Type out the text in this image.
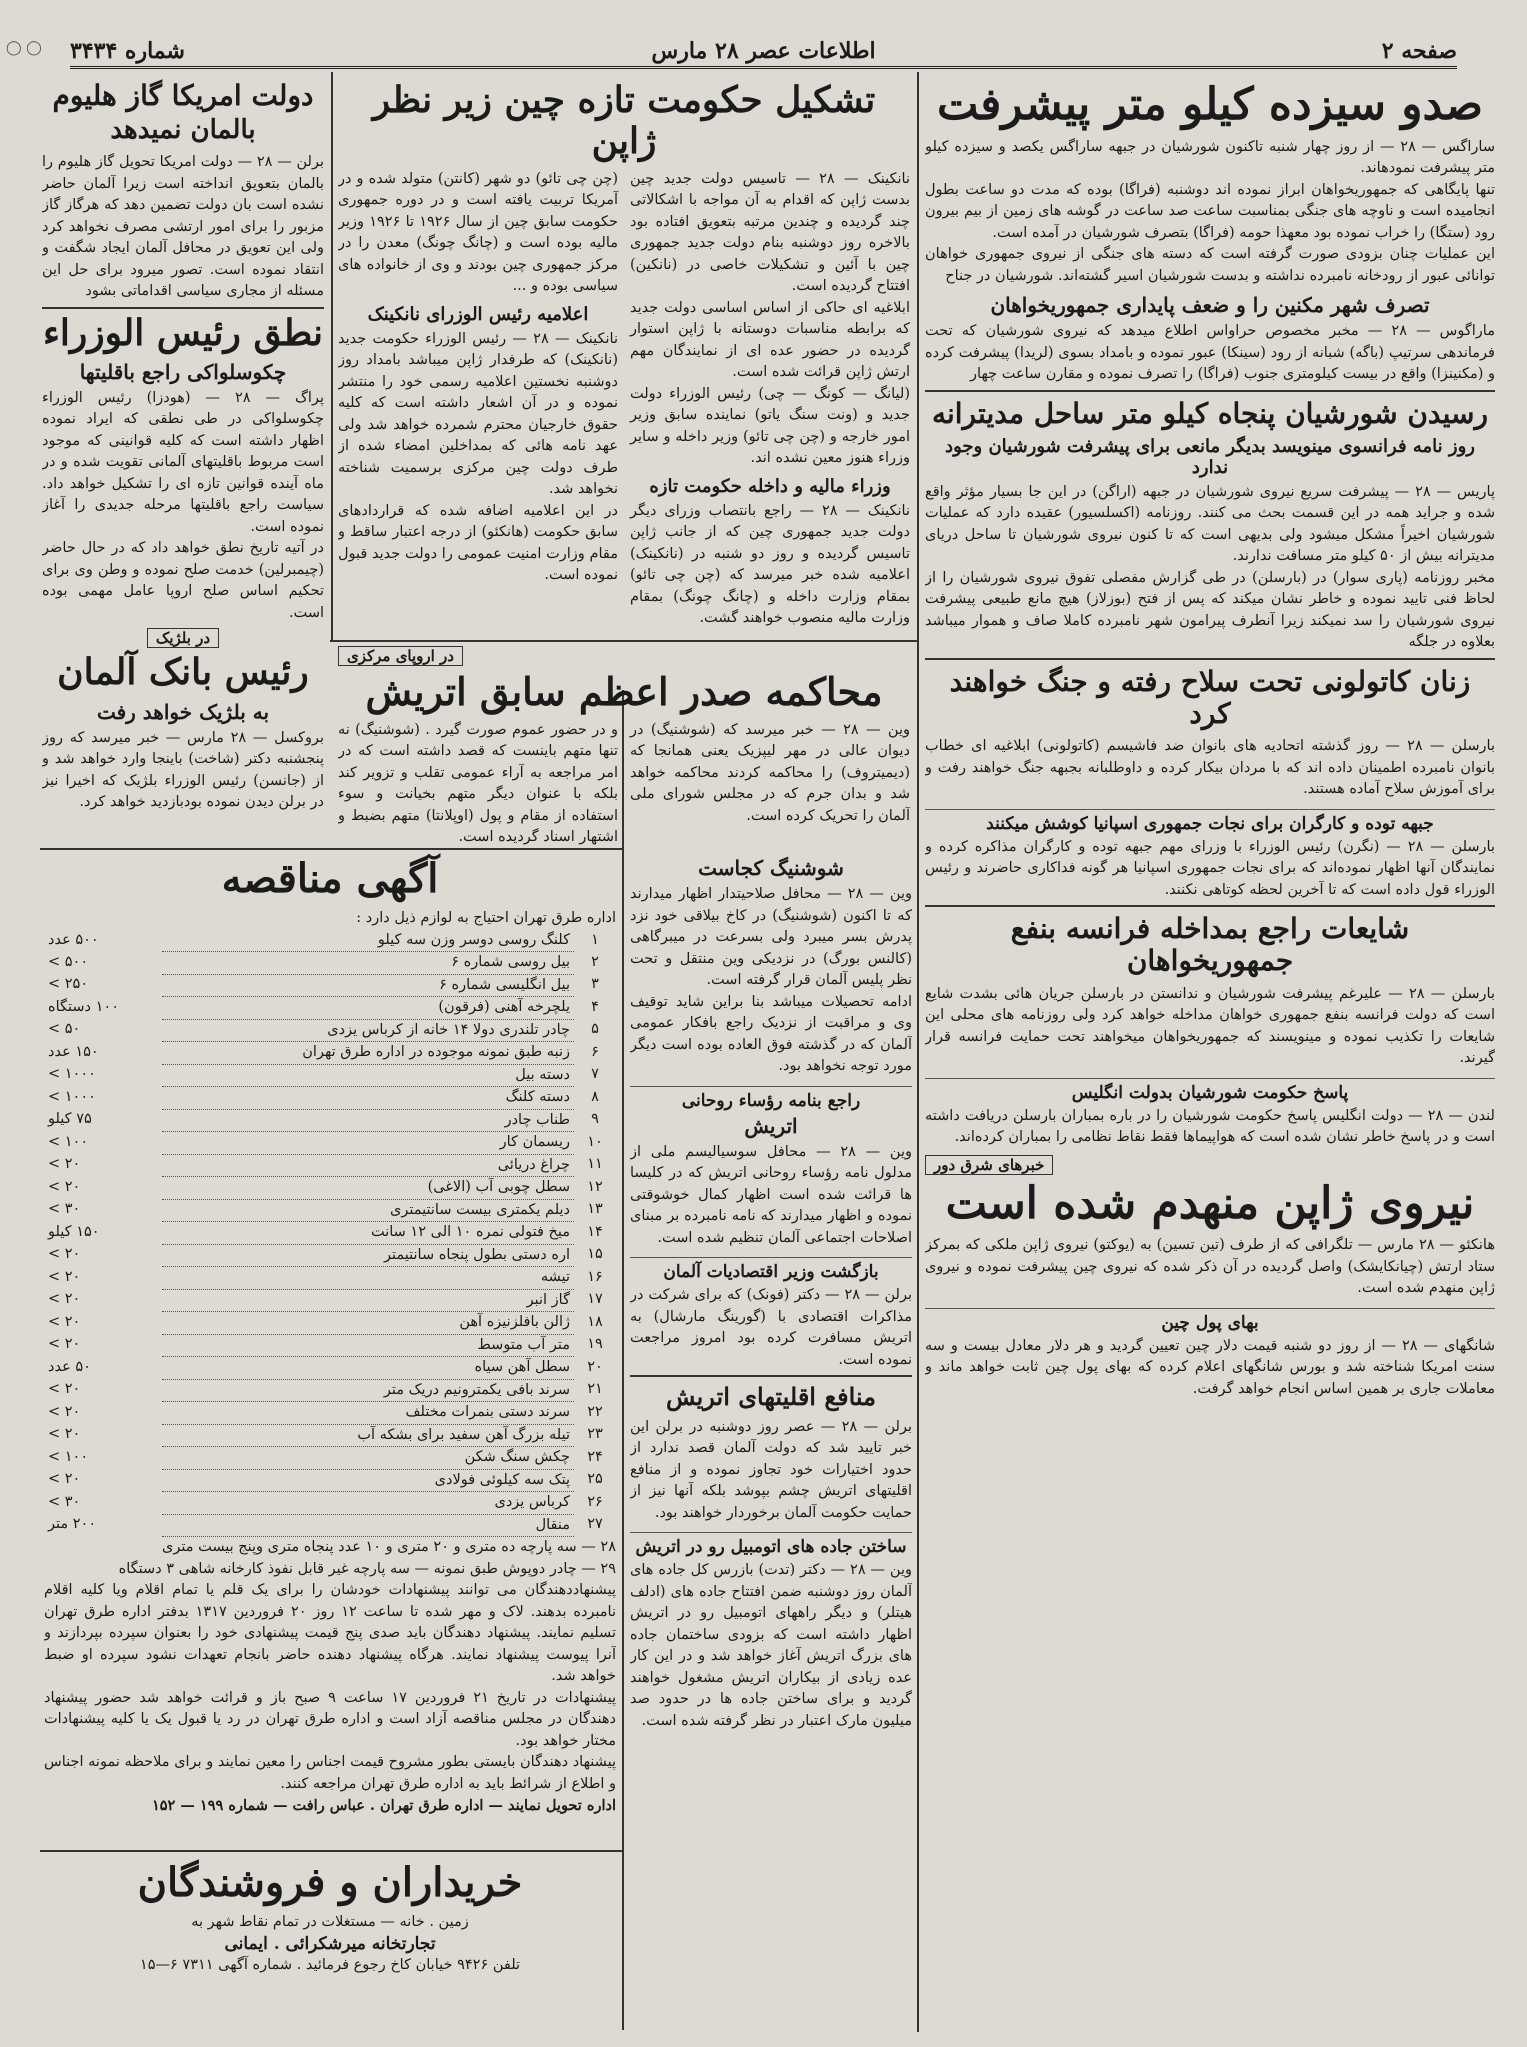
◯ ◯	صفحه ۲
اطلاعات عصر ۲۸ مارس
شماره ۳۴۳۴
صدو سیزده کیلو متر پیشرفت

ساراگس — ۲۸ — از روز چهار شنبه تاکنون شورشیان در جبهه ساراگس یکصد و سیزده کیلو متر پیشرفت نمودهاند.

تنها پایگاهی که جمهوریخواهان ابراز نموده اند دوشنبه (فراگا) بوده که مدت دو ساعت بطول انجامیده است و ناوچه های جنگی بمناسبت ساعت صد ساعت در گوشه های زمین از بیم بیرون رود (ستگا) را خراب نموده بود معهذا حومه (فراگا) بتصرف شورشیان در آمده است.

این عملیات چنان بزودی صورت گرفته است که دسته های جنگی از نیروی جمهوری خواهان توانائی عبور از رودخانه نامبرده نداشته و بدست شورشیان اسیر گشته‌اند. شورشیان در جناح

تصرف شهر مکنین را و ضعف پایداری جمهوریخواهان

ماراگوس — ۲۸ — مخبر مخصوص حراواس اطلاع میدهد که نیروی شورشیان که تحت فرماندهی سرتیپ (باگه) شبانه از رود (سینکا) عبور نموده و بامداد بسوی (لریدا) پیشرفت کرده و (مکنینزا) واقع در بیست کیلومتری جنوب (فراگا) را تصرف نموده و مقارن ساعت چهار

رسیدن شورشیان پنجاه کیلو متر ساحل مدیترانه
روز نامه فرانسوی مینویسد بدیگر مانعی برای پیشرفت شورشیان وجود ندارد

پاریس — ۲۸ — پیشرفت سریع نیروی شورشیان در جبهه (اراگن) در این جا بسیار مؤثر واقع شده و جراید همه در این قسمت بحث می کنند. روزنامه (اکسلسیور) عقیده دارد که عملیات شورشیان اخیراً مشکل میشود ولی بدیهی است که تا کنون نیروی شورشیان تا ساحل دریای مدیترانه بیش از ۵۰ کیلو متر مسافت ندارند.

مخبر روزنامه (پاری سوار) در (بارسلن) در طی گزارش مفصلی تفوق نیروی شورشیان را از لحاظ فنی تایید نموده و خاطر نشان میکند که پس از فتح (بوزلاز) هیچ مانع طبیعی پیشرفت نیروی شورشیان را سد نمیکند زیرا آنطرف پیرامون شهر نامبرده کاملا صاف و هموار میباشد بعلاوه در جلگه

زنان کاتولونی تحت سلاح رفته و جنگ خواهند کرد

بارسلن — ۲۸ — روز گذشته اتحادیه های بانوان ضد فاشیسم (کاتولونی) ابلاغیه ای خطاب بانوان نامبرده اطمینان داده اند که با مردان بیکار کرده و داوطلبانه بجبهه جنگ خواهند رفت و برای آموزش سلاح آماده هستند.

جبهه توده و کارگران برای نجات جمهوری اسپانیا کوشش میکنند

بارسلن — ۲۸ — (نگرن) رئیس الوزراء با وزرای مهم جبهه توده و کارگران مذاکره کرده و نمایندگان آنها اظهار نموده‌اند که برای نجات جمهوری اسپانیا هر گونه فداکاری حاضرند و رئیس الوزراء قول داده است که تا آخرین لحظه کوتاهی نکنند.

شایعات راجع بمداخله فرانسه بنفع جمهوریخواهان

بارسلن — ۲۸ — علیرغم پیشرفت شورشیان و ندانستن در بارسلن جریان هائی بشدت شایع است که دولت فرانسه بنفع جمهوری خواهان مداخله خواهد کرد ولی روزنامه های محلی این شایعات را تکذیب نموده و مینویسند که جمهوریخواهان میخواهند تحت حمایت فرانسه قرار گیرند.

پاسخ حکومت شورشیان بدولت انگلیس

لندن — ۲۸ — دولت انگلیس پاسخ حکومت شورشیان را در باره بمباران بارسلن دریافت داشته است و در پاسخ خاطر نشان شده است که هواپیماها فقط نقاط نظامی را بمباران کرده‌اند.

خبرهای شرق دور
نیروی ژاپن منهدم شده است

هانکئو — ۲۸ مارس — تلگرافی که از طرف (تین تسین) به (یوکتو) نیروی ژاپن ملکی که بمرکز ستاد ارتش (چیانکایشک) واصل گردیده در آن ذکر شده که نیروی چین پیشرفت نموده و نیروی ژاپن منهدم شده است.

بهای پول چین

شانگهای — ۲۸ — از روز دو شنبه قیمت دلار چین تعیین گردید و هر دلار معادل بیست و سه سنت امریکا شناخته شد و بورس شانگهای اعلام کرده که بهای پول چین ثابت خواهد ماند و معاملات جاری بر همین اساس انجام خواهد گرفت.

تشکیل حکومت تازه چین زیر نظر ژاپن

نانکینک — ۲۸ — تاسیس دولت جدید چین بدست ژاپن که اقدام به آن مواجه با اشکالاتی چند گردیده و چندین مرتبه بتعویق افتاده بود بالاخره روز دوشنبه بنام دولت جدید جمهوری چین با آئین و تشکیلات خاصی در (نانکین) افتتاح گردیده است.

ابلاغیه ای حاکی از اساس اساسی دولت جدید که برابطه مناسبات دوستانه با ژاپن استوار گردیده در حضور عده ای از نمایندگان مهم ارتش ژاپن قرائت شده است.

(لیانگ — کونگ — چی) رئیس الوزراء دولت جدید و (ونت سنگ یاتو) نماینده سابق وزیر امور خارجه و (چن چی تائو) وزیر داخله و سایر وزراء هنوز معین نشده اند.

وزراء مالیه و داخله حکومت تازه

نانکینک — ۲۸ — راجع بانتصاب وزرای دیگر دولت جدید جمهوری چین که از جانب ژاپن تاسیس گردیده و روز دو شنبه در (نانکینک) اعلامیه شده خبر میرسد که (چن چی تائو) بمقام وزارت داخله و (چانگ چونگ) بمقام وزارت مالیه منصوب خواهند گشت.

(چن چی تائو) دو شهر (کانتن) متولد شده و در آمریکا تربیت یافته است و در دوره جمهوری حکومت سابق چین از سال ۱۹۲۶ تا ۱۹۲۶ وزیر مالیه بوده است و (چانگ چونگ) معدن را در مرکز جمهوری چین بودند و وی از خانواده های سیاسی بوده و ...

اعلامیه رئیس الوزرای نانکینک

نانکینک — ۲۸ — رئیس الوزراء حکومت جدید (نانکینک) که طرفدار ژاپن میباشد بامداد روز دوشنبه نخستین اعلامیه رسمی خود را منتشر نموده و در آن اشعار داشته است که کلیه حقوق خارجیان محترم شمرده خواهد شد ولی عهد نامه هائی که بمداخلین امضاء شده از طرف دولت چین مرکزی برسمیت شناخته نخواهد شد.

در این اعلامیه اضافه شده که قراردادهای سابق حکومت (هانکئو) از درجه اعتبار ساقط و مقام وزارت امنیت عمومی را دولت جدید قبول نموده است.

دولت امریکا گاز هلیوم
بالمان نمیدهد

برلن — ۲۸ — دولت امریکا تحویل گاز هلیوم را بالمان بتعویق انداخته است زیرا آلمان حاضر نشده است بان دولت تضمین دهد که هرگاز گاز مزبور را برای امور ارتشی مصرف نخواهد کرد ولی این تعویق در محافل آلمان ایجاد شگفت و انتقاد نموده است. تصور میرود برای حل این مسئله از مجاری سیاسی اقداماتی بشود

نطق رئیس الوزراء
چکوسلواکی راجع باقلیتها

پراگ — ۲۸ — (هودزا) رئیس الوزراء چکوسلواکی در طی نطقی که ایراد نموده اظهار داشته است که کلیه قوانینی که موجود است مربوط باقلیتهای آلمانی تقویت شده و در ماه آینده قوانین تازه ای را تشکیل خواهد داد. سیاست راجع باقلیتها مرحله جدیدی را آغاز نموده است.

در آتیه تاریخ نطق خواهد داد که در حال حاضر (چیمبرلین) خدمت صلح نموده و وطن وی برای تحکیم اساس صلح اروپا عامل مهمی بوده است.

در بلژیک
رئیس بانک آلمان
به بلژیک خواهد رفت

بروکسل — ۲۸ مارس — خبر میرسد که روز پنجشنبه دکتر (شاخت) باینجا وارد خواهد شد و از (جانسن) رئیس الوزراء بلژیک که اخیرا نیز در برلن دیدن نموده بودبازدید خواهد کرد.

در اروپای مرکزی
محاکمه صدر اعظم سابق اتریش

وین — ۲۸ — خبر میرسد که (شوشنیگ) در دیوان عالی در مهر لیپزیک یعنی همانجا که (دیمیتروف) را محاکمه کردند محاکمه خواهد شد و بدان جرم که در مجلس شورای ملی آلمان را تحریک کرده است.

و در حضور عموم صورت گیرد . (شوشنیگ) نه تنها متهم باینست که قصد داشته است که در امر مراجعه به آراء عمومی تقلب و تزویر کند بلکه با عنوان دیگر متهم بخیانت و سوء استفاده از مقام و پول (اوپلانتا) متهم بضبط و اشتهار اسناد گردیده است.

شوشنیگ کجاست

وین — ۲۸ — محافل صلاحیتدار اظهار میدارند که تا اکنون (شوشنیگ) در کاخ بیلاقی خود نزد پدرش بسر میبرد ولی بسرعت در میبرگاهی (کالنس بورگ) در نزدیکی وین منتقل و تحت نظر پلیس آلمان قرار گرفته است.

ادامه تحصیلات میباشد بنا براین شاید توقیف وی و مراقبت از نزدیک راجع بافکار عمومی آلمان که در گذشته فوق العاده بوده است دیگر مورد توجه نخواهد بود.

راجع بنامه رؤساء روحانی
اتریش

وین — ۲۸ — محافل سوسیالیسم ملی از مدلول نامه رؤساء روحانی اتریش که در کلیسا ها قرائت شده است اظهار کمال خوشوقتی نموده و اظهار میدارند که نامه نامبرده بر مبنای اصلاحات اجتماعی آلمان تنظیم شده است.

بازگشت وزیر اقتصادیات آلمان

برلن — ۲۸ — دکتر (فونک) که برای شرکت در مذاکرات اقتصادی با (گورینگ مارشال) به اتریش مسافرت کرده بود امروز مراجعت نموده است.

منافع اقلیتهای اتریش

برلن — ۲۸ — عصر روز دوشنبه در برلن این خبر تایید شد که دولت آلمان قصد ندارد از حدود اختیارات خود تجاوز نموده و از منافع اقلیتهای اتریش چشم بپوشد بلکه آنها نیز از حمایت حکومت آلمان برخوردار خواهند بود.

ساختن جاده های اتومبیل رو در اتریش

وین — ۲۸ — دکتر (تدت) بازرس کل جاده های آلمان روز دوشنبه ضمن افتتاح جاده های (ادلف هیتلر) و دیگر راههای اتومبیل رو در اتریش اظهار داشته است که بزودی ساختمان جاده های بزرگ اتریش آغاز خواهد شد و در این کار عده زیادی از بیکاران اتریش مشغول خواهند گردید و برای ساختن جاده ها در حدود صد میلیون مارک اعتبار در نظر گرفته شده است.

آگهی مناقصه

اداره طرق تهران احتیاج به لوازم ذیل دارد :

۱	کلنگ روسی دوسر وزن سه کیلو	۵۰۰ عدد
۲	بیل روسی شماره ۶	۵۰۰ >
۳	بیل انگلیسی شماره ۶	۲۵۰ >
۴	یلچرخه آهنی (فرقون)	۱۰۰ دستگاه
۵	چادر تلندری دولا ۱۴ خانه از کرباس یزدی	۵۰ >
۶	زنبه طبق نمونه موجوده در اداره طرق تهران	۱۵۰ عدد
۷	دسته بیل	۱۰۰۰ >
۸	دسته کلنگ	۱۰۰۰ >
۹	طناب چادر	۷۵ کیلو
۱۰	ریسمان کار	۱۰۰ >
۱۱	چراغ دریائی	۲۰ >
۱۲	سطل چوبی آب (الاغی)	۲۰ >
۱۳	دیلم یکمتری بیست سانتیمتری	۳۰ >
۱۴	میخ فتولی نمره ۱۰ الی ۱۲ سانت	۱۵۰ کیلو
۱۵	اره دستی بطول پنجاه سانتیمتر	۲۰ >
۱۶	تیشه	۲۰ >
۱۷	گاز انبر	۲۰ >
۱۸	ژالن بافلزنیزه آهن	۲۰ >
۱۹	متر آب متوسط	۲۰ >
۲۰	سطل آهن سیاه	۵۰ عدد
۲۱	سرند بافی یکمترونیم دریک متر	۲۰ >
۲۲	سرند دستی بنمرات مختلف	۲۰ >
۲۳	تیله بزرگ آهن سفید برای بشکه آب	۲۰ >
۲۴	چکش سنگ شکن	۱۰۰ >
۲۵	پتک سه کیلوئی فولادی	۲۰ >
۲۶	کرباس یزدی	۳۰ >
۲۷	منقال	۲۰۰ متر

۲۸ — سه پارچه ده متری و ۲۰ متری و ۱۰ عدد پنجاه متری وپنج بیست متری

۲۹ — چادر دوپوش طبق نمونه — سه پارچه غیر قابل نفوذ کارخانه شاهی ۳ دستگاه

پیشنهاددهندگان می توانند پیشنهادات خودشان را برای یک قلم یا تمام اقلام ویا کلیه اقلام نامبرده بدهند. لاک و مهر شده تا ساعت ۱۲ روز ۲۰ فروردین ۱۳۱۷ بدفتر اداره طرق تهران تسلیم نمایند. پیشنهاد دهندگان باید صدی پنج قیمت پیشنهادی خود را بعنوان سپرده بپردازند و آنرا پیوست پیشنهاد نمایند. هرگاه پیشنهاد دهنده حاضر بانجام تعهدات نشود سپرده او ضبط خواهد شد.

پیشنهادات در تاریخ ۲۱ فروردین ۱۷ ساعت ۹ صبح باز و قرائت خواهد شد حضور پیشنهاد دهندگان در مجلس مناقصه آزاد است و اداره طرق تهران در رد یا قبول یک یا کلیه پیشنهادات مختار خواهد بود.

پیشنهاد دهندگان بایستی بطور مشروح قیمت اجناس را معین نمایند و برای ملاحظه نمونه اجناس و اطلاع از شرائط باید به اداره طرق تهران مراجعه کنند.

اداره تحویل نمایند — اداره طرق تهران . عباس رافت — شماره ۱۹۹ — ۱۵۲

خریداران و فروشندگان

زمین . خانه — مستغلات در تمام نقاط شهر به

تجارتخانه میرشکرائی . ایمانی

تلفن ۹۴۲۶ خیابان کاخ رجوع فرمائید . شماره آگهی ۷۳۱۱ ۶—۱۵
